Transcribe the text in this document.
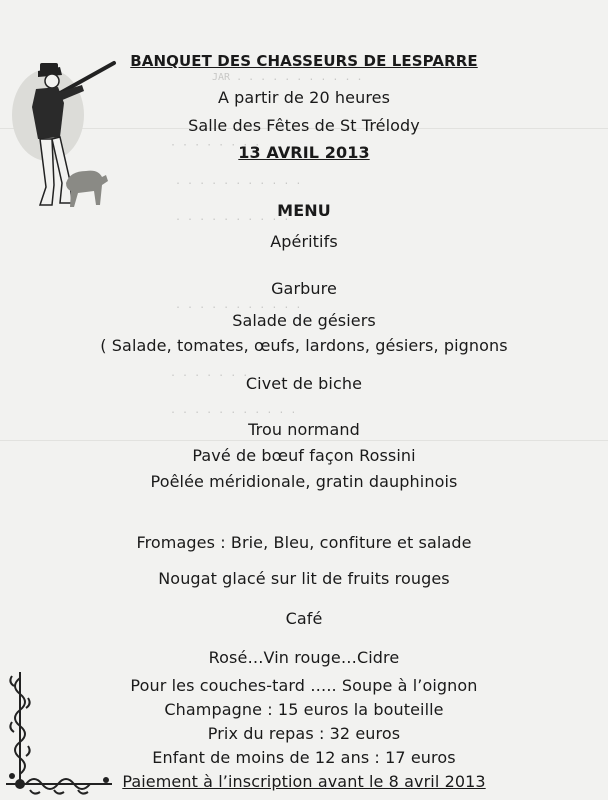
JAR . . . . . . . . . . .
· · · · · · · ·
. . . . . . . . . . .
. . . . . . . . . .
. . . . . . . . . . .
. . . . . . .
. . . . . . . . . . .
BANQUET DES CHASSEURS DE LESPARRE
A partir de 20 heures
Salle des Fêtes de St Trélody
13 AVRIL 2013
MENU
Apéritifs
Garbure
Salade de gésiers
( Salade, tomates, œufs, lardons, gésiers, pignons
Civet de biche
Trou normand
Pavé de bœuf façon Rossini
Poêlée méridionale, gratin dauphinois
Fromages : Brie, Bleu, confiture et salade
Nougat glacé sur lit de fruits rouges
Café
Rosé…Vin rouge…Cidre
Pour les couches-tard ….. Soupe à l’oignon
Champagne : 15 euros la bouteille
Prix du repas : 32 euros
Enfant de moins de 12 ans : 17 euros
Paiement à l’inscription avant le 8 avril 2013
